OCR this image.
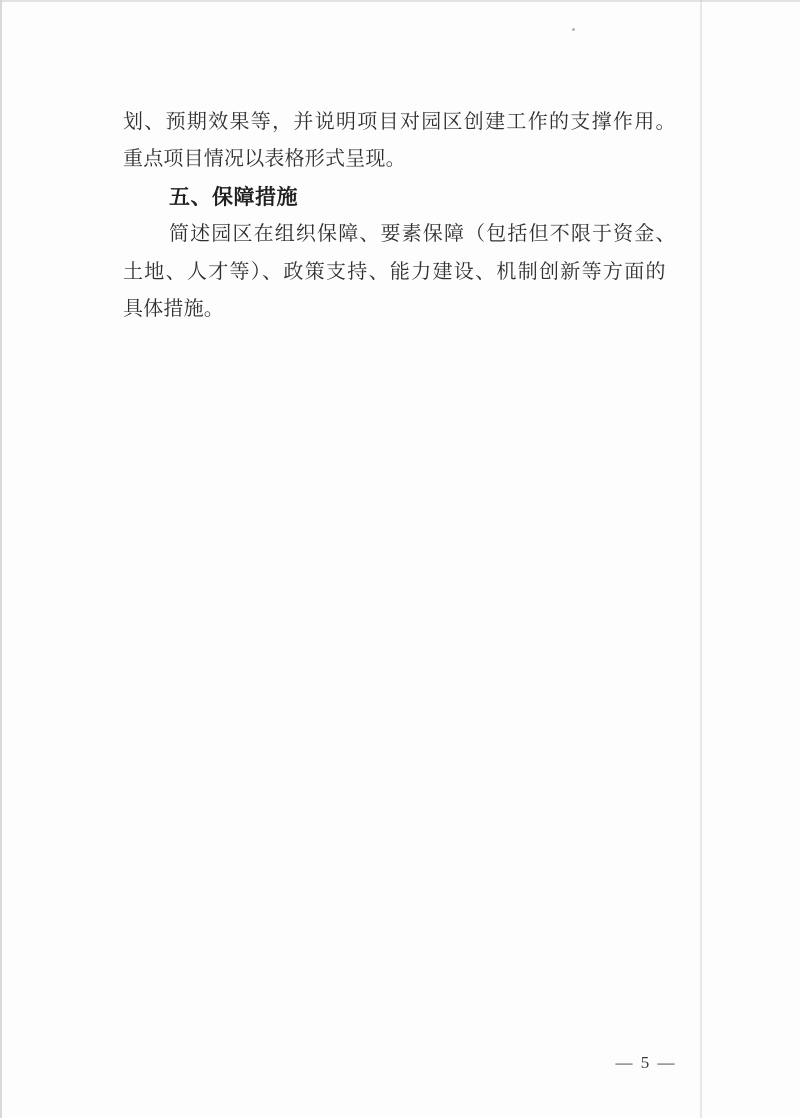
划、预期效果等，并说明项目对园区创建工作的支撑作用。

重点项目情况以表格形式呈现。

五、保障措施

简述园区在组织保障、要素保障（包括但不限于资金、

土地、人才等）、政策支持、能力建设、机制创新等方面的

具体措施。

— 5 —
